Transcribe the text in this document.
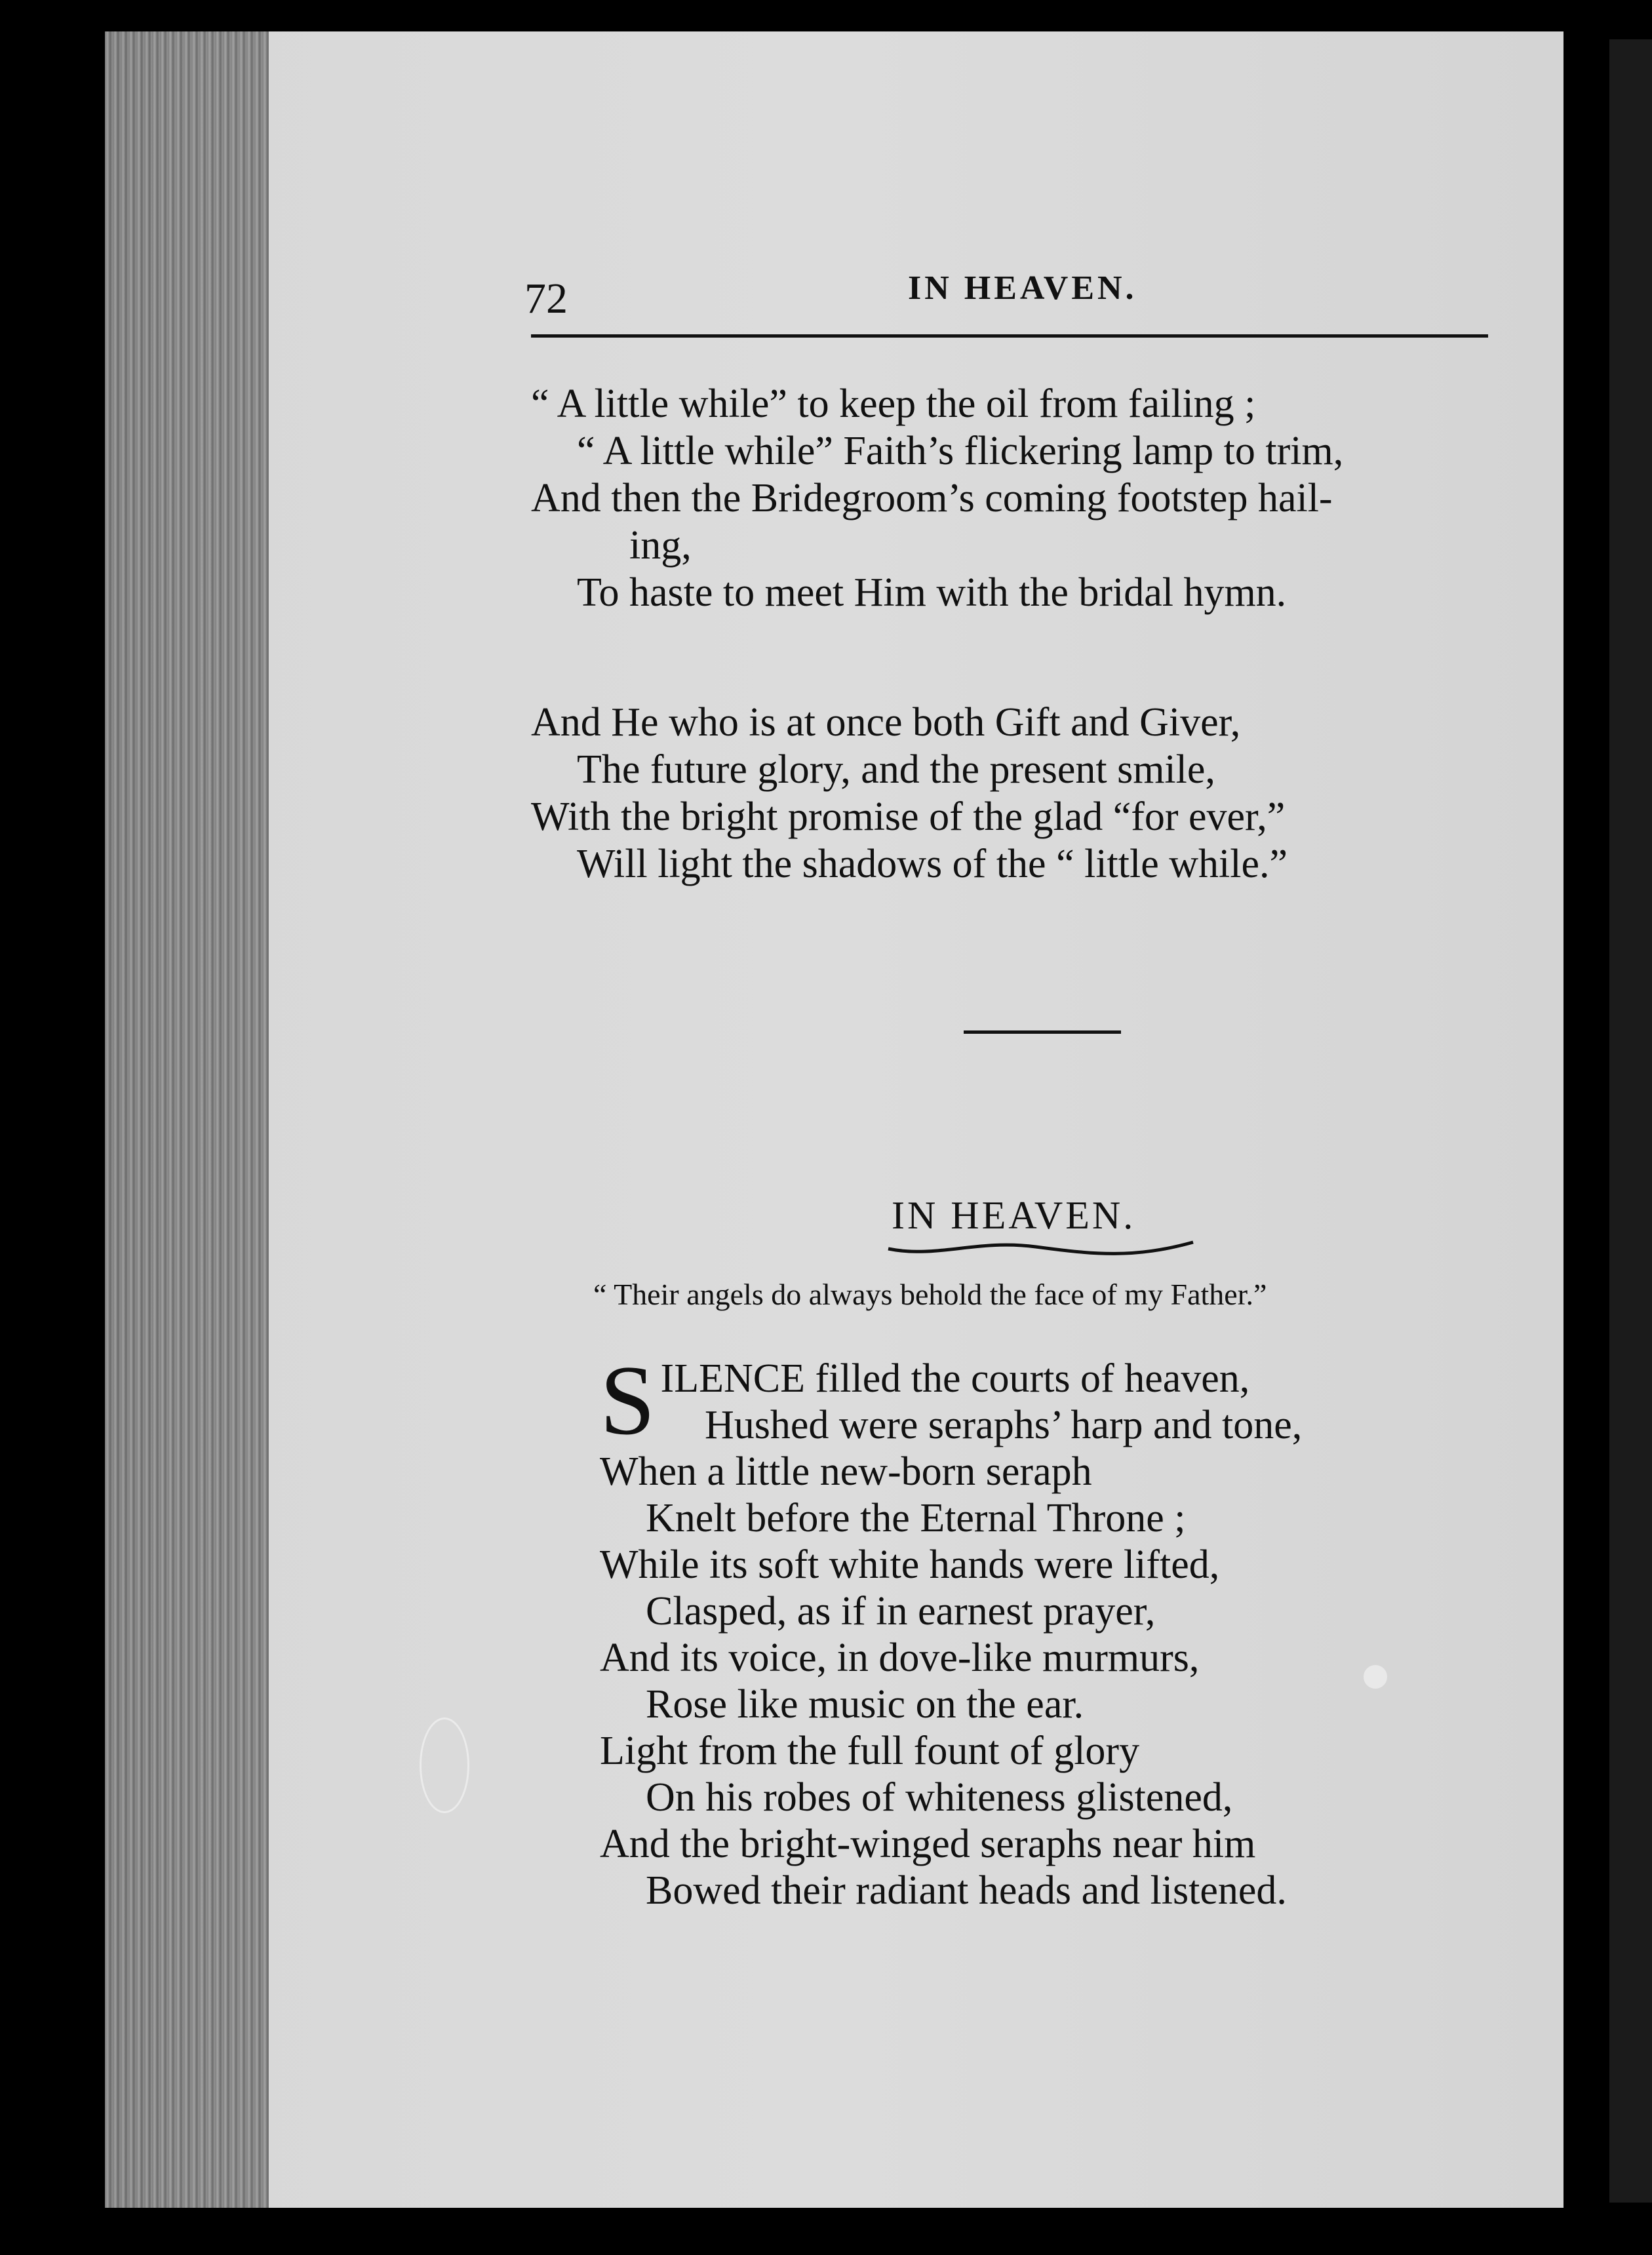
72	IN HEAVEN.
“ A little while” to keep the oil from failing ;
“ A little while” Faith’s flickering lamp to trim,
And then the Bridegroom’s coming footstep hail-
ing,
To haste to meet Him with the bridal hymn.
And He who is at once both Gift and Giver,
The future glory, and the present smile,
With the bright promise of the glad “for ever,”
Will light the shadows of the “ little while.”
IN HEAVEN.
“ Their angels do always behold the face of my Father.”
S ILENCE filled the courts of heaven,
Hushed were seraphs’ harp and tone,
When a little new-born seraph
Knelt before the Eternal Throne ;
While its soft white hands were lifted,
Clasped, as if in earnest prayer,
And its voice, in dove-like murmurs,
Rose like music on the ear.
Light from the full fount of glory
On his robes of whiteness glistened,
And the bright-winged seraphs near him
Bowed their radiant heads and listened.
